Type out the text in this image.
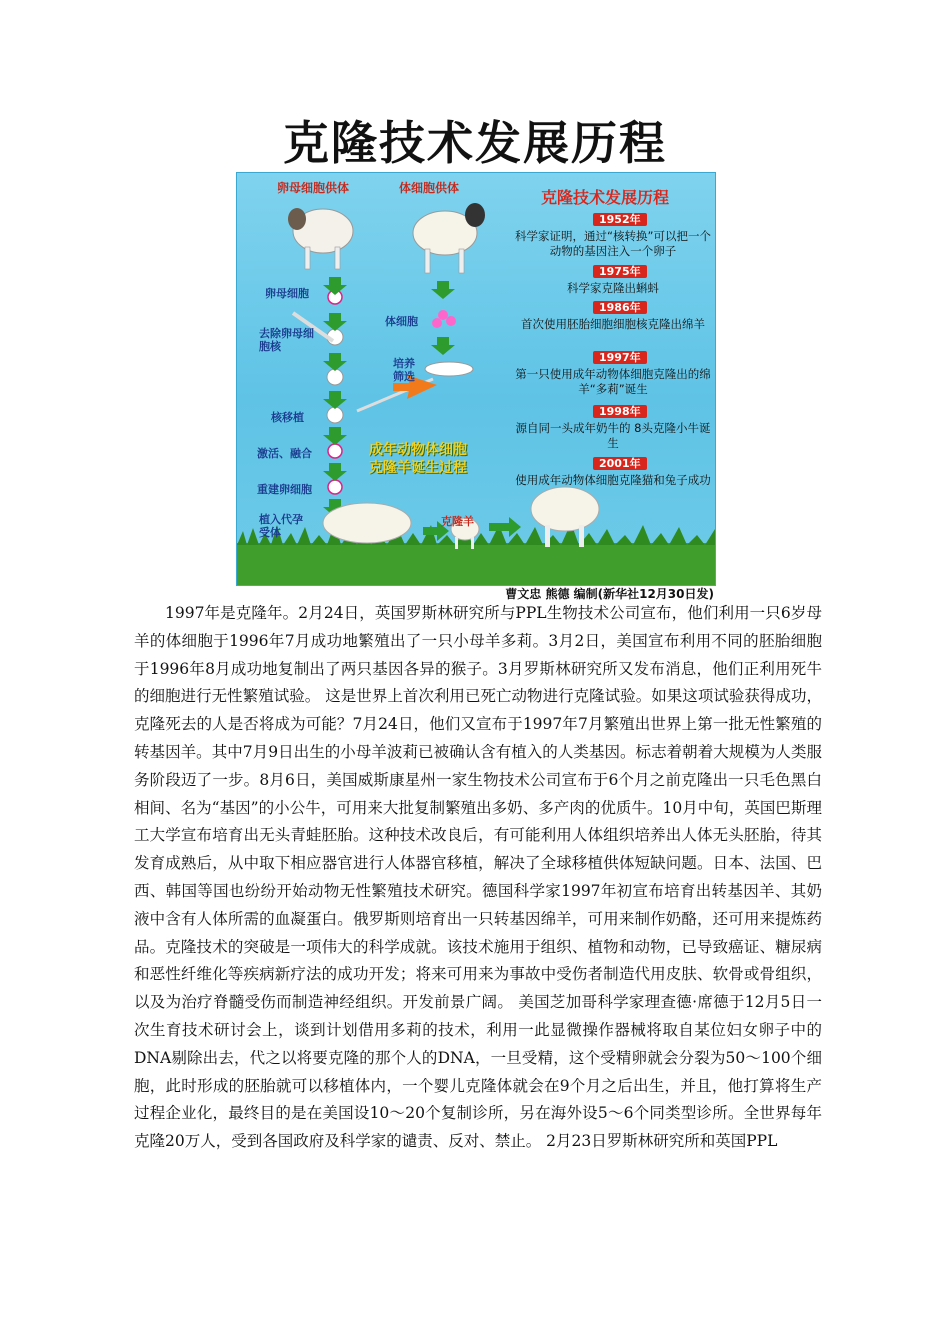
克隆技术发展历程
卵母细胞供体	体细胞供体
卵母细胞
去除卵母细胞核
体细胞
培养筛选
核移植
激活、融合
重建卵细胞
植入代孕受体
成年动物体细胞
克隆羊诞生过程
克隆羊
克隆技术发展历程
1952年
科学家证明，通过“核转换”可以把一个动物的基因注入一个卵子
1975年
科学家克隆出蝌蚪
1986年
首次使用胚胎细胞细胞核克隆出绵羊
1997年
第一只使用成年动物体细胞克隆出的绵羊“多莉”诞生
1998年
源自同一头成年奶牛的 8头克隆小牛诞生
2001年
使用成年动物体细胞克隆猫和兔子成功
曹文忠 熊德 编制(新华社12月30日发)
1997年是克隆年。2月24日，英国罗斯林研究所与PPL生物技术公司宣布，他们利用一只6岁母羊的体细胞于1996年7月成功地繁殖出了一只小母羊多莉。3月2日，美国宣布利用不同的胚胎细胞于1996年8月成功地复制出了两只基因各异的猴子。3月罗斯林研究所又发布消息，他们正利用死牛的细胞进行无性繁殖试验。 这是世界上首次利用已死亡动物进行克隆试验。如果这项试验获得成功，克隆死去的人是否将成为可能？7月24日，他们又宣布于1997年7月繁殖出世界上第一批无性繁殖的转基因羊。其中7月9日出生的小母羊波莉已被确认含有植入的人类基因。标志着朝着大规模为人类服务阶段迈了一步。8月6日，美国威斯康星州一家生物技术公司宣布于6个月之前克隆出一只毛色黑白相间、名为“基因”的小公牛，可用来大批复制繁殖出多奶、多产肉的优质牛。10月中旬，英国巴斯理工大学宣布培育出无头青蛙胚胎。这种技术改良后，有可能利用人体组织培养出人体无头胚胎，待其发育成熟后，从中取下相应器官进行人体器官移植，解决了全球移植供体短缺问题。日本、法国、巴西、韩国等国也纷纷开始动物无性繁殖技术研究。德国科学家1997年初宣布培育出转基因羊、其奶液中含有人体所需的血凝蛋白。俄罗斯则培育出一只转基因绵羊，可用来制作奶酪，还可用来提炼药品。克隆技术的突破是一项伟大的科学成就。该技术施用于组织、植物和动物，已导致癌证、糖尿病和恶性纤维化等疾病新疗法的成功开发；将来可用来为事故中受伤者制造代用皮肤、软骨或骨组织，以及为治疗脊髓受伤而制造神经组织。开发前景广阔。 美国芝加哥科学家理查德·席德于12月5日一次生育技术研讨会上，谈到计划借用多莉的技术，利用一此显微操作器械将取自某位妇女卵子中的DNA剔除出去，代之以将要克隆的那个人的DNA，一旦受精，这个受精卵就会分裂为50～100个细胞，此时形成的胚胎就可以移植体内，一个婴儿克隆体就会在9个月之后出生，并且，他打算将生产过程企业化，最终目的是在美国设10～20个复制诊所，另在海外设5～6个同类型诊所。全世界每年克隆20万人，受到各国政府及科学家的谴责、反对、禁止。 2月23日罗斯林研究所和英国PPL
